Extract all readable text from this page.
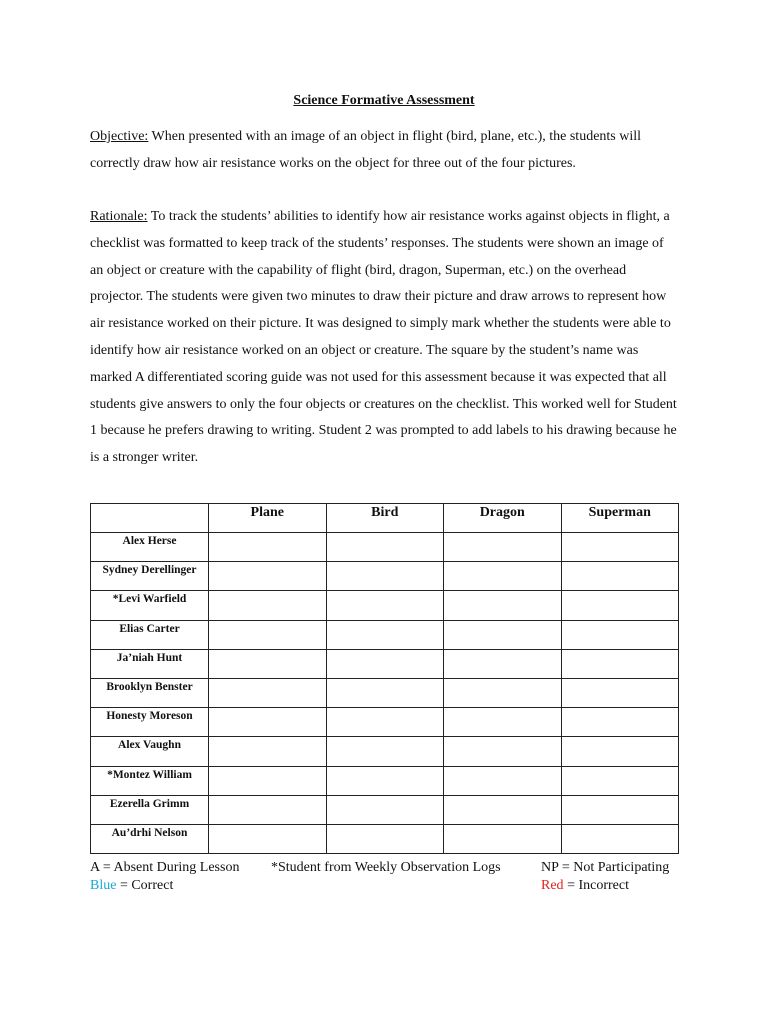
Science Formative Assessment
Objective: When presented with an image of an object in flight (bird, plane, etc.), the students will correctly draw how air resistance works on the object for three out of the four pictures.
Rationale: To track the students’ abilities to identify how air resistance works against objects in flight, a checklist was formatted to keep track of the students’ responses. The students were shown an image of an object or creature with the capability of flight (bird, dragon, Superman, etc.) on the overhead projector. The students were given two minutes to draw their picture and draw arrows to represent how air resistance worked on their picture. It was designed to simply mark whether the students were able to identify how air resistance worked on an object or creature. The square by the student’s name was marked A differentiated scoring guide was not used for this assessment because it was expected that all students give answers to only the four objects or creatures on the checklist. This worked well for Student 1 because he prefers drawing to writing. Student 2 was prompted to add labels to his drawing because he is a stronger writer.
	Plane	Bird	Dragon	Superman
Alex Herse				
Sydney Derellinger				
*Levi Warfield				
Elias Carter				
Ja’niah Hunt				
Brooklyn Benster				
Honesty Moreson				
Alex Vaughn				
*Montez William				
Ezerella Grimm				
Au’drhi Nelson				
A = Absent During Lesson *Student from Weekly Observation Logs	NP = Not Participating
Blue = Correct	Red = Incorrect
